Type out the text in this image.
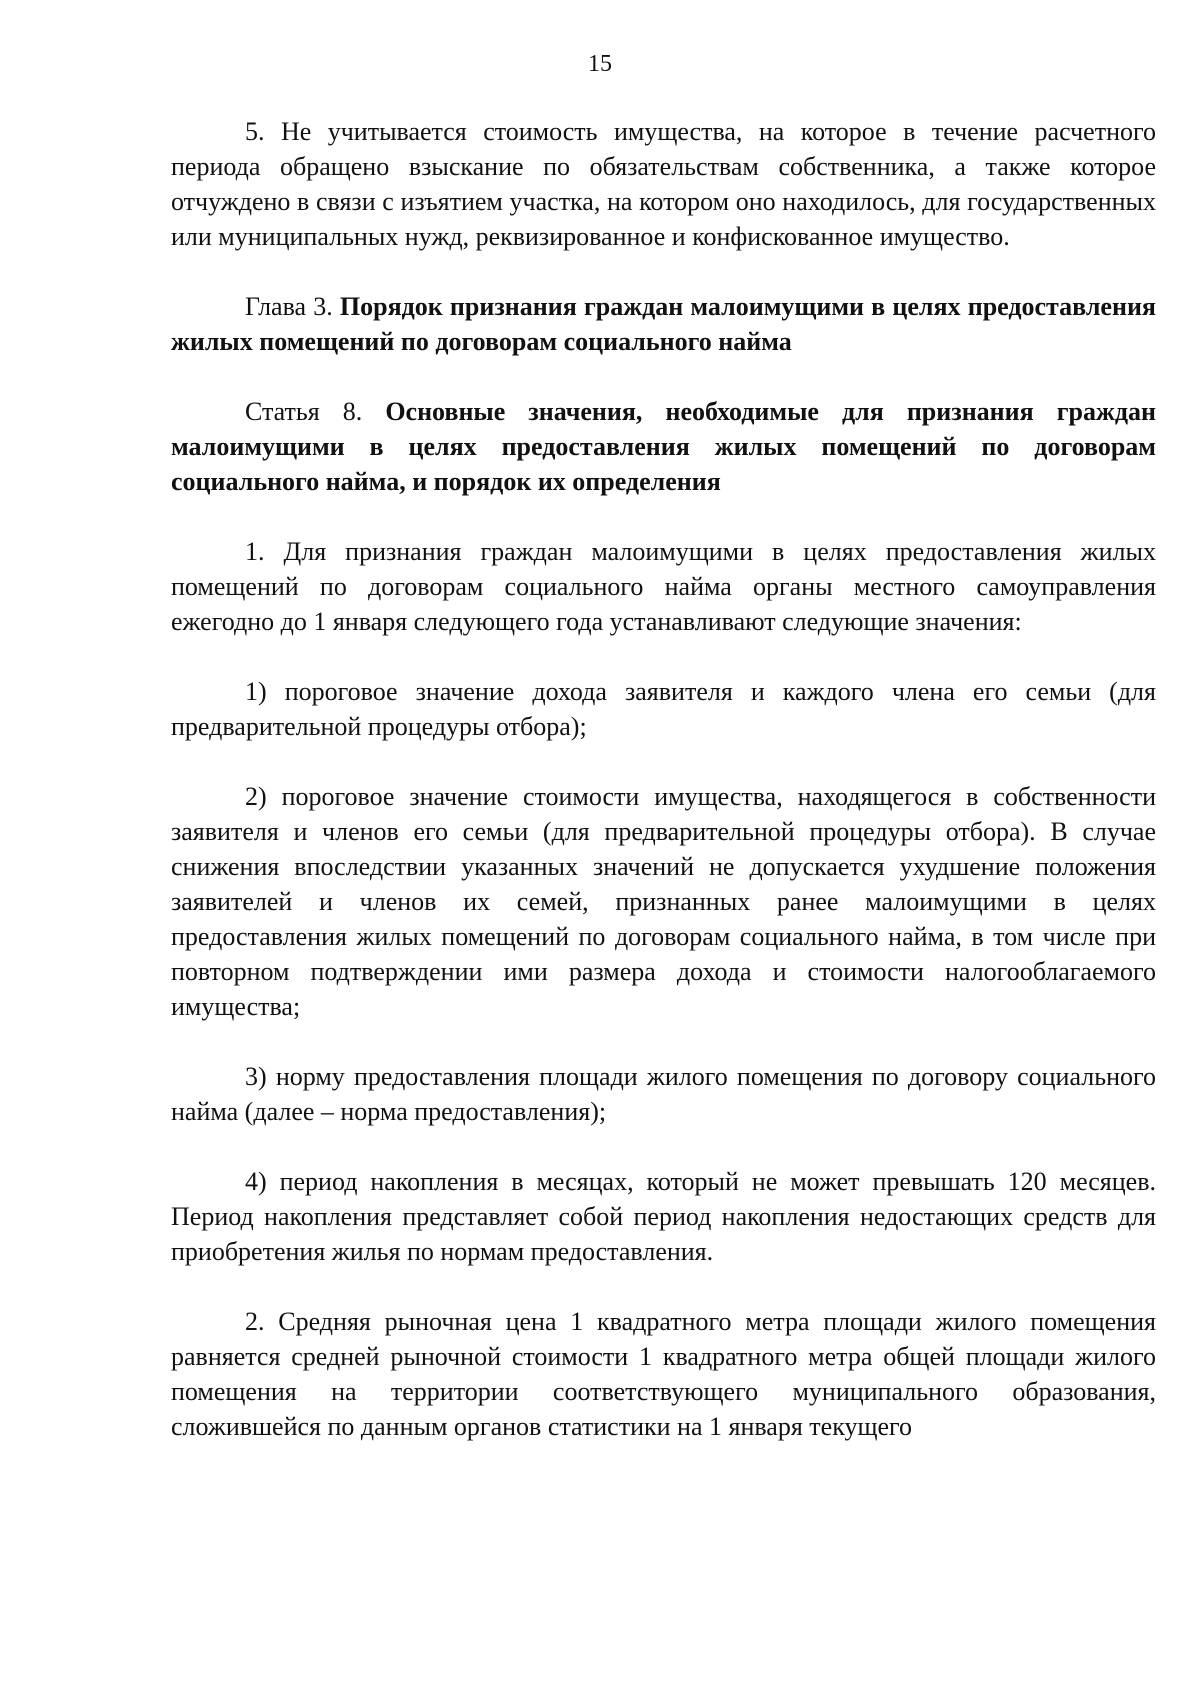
15

5. Не учитывается стоимость имущества, на которое в течение расчетного периода обращено взыскание по обязательствам собственника, а также которое отчуждено в связи с изъятием участка, на котором оно находилось, для государственных или муниципальных нужд, реквизированное и конфискованное имущество.

Глава 3. Порядок признания граждан малоимущими в целях предоставления жилых помещений по договорам социального найма

Статья 8. Основные значения, необходимые для признания граждан малоимущими в целях предоставления жилых помещений по договорам социального найма, и порядок их определения

1. Для признания граждан малоимущими в целях предоставления жилых помещений по договорам социального найма органы местного самоуправления ежегодно до 1 января следующего года устанавливают следующие значения:

1) пороговое значение дохода заявителя и каждого члена его семьи (для предварительной процедуры отбора);

2) пороговое значение стоимости имущества, находящегося в собственности заявителя и членов его семьи (для предварительной процедуры отбора). В случае снижения впоследствии указанных значений не допускается ухудшение положения заявителей и членов их семей, признанных ранее малоимущими в целях предоставления жилых помещений по договорам социального найма, в том числе при повторном подтверждении ими размера дохода и стоимости налогооблагаемого имущества;

3) норму предоставления площади жилого помещения по договору социального найма (далее – норма предоставления);

4) период накопления в месяцах, который не может превышать 120 месяцев. Период накопления представляет собой период накопления недостающих средств для приобретения жилья по нормам предоставления.

2. Средняя рыночная цена 1 квадратного метра площади жилого помещения равняется средней рыночной стоимости 1 квадратного метра общей площади жилого помещения на территории соответствующего муниципального образования, сложившейся по данным органов статистики на 1 января текущего
